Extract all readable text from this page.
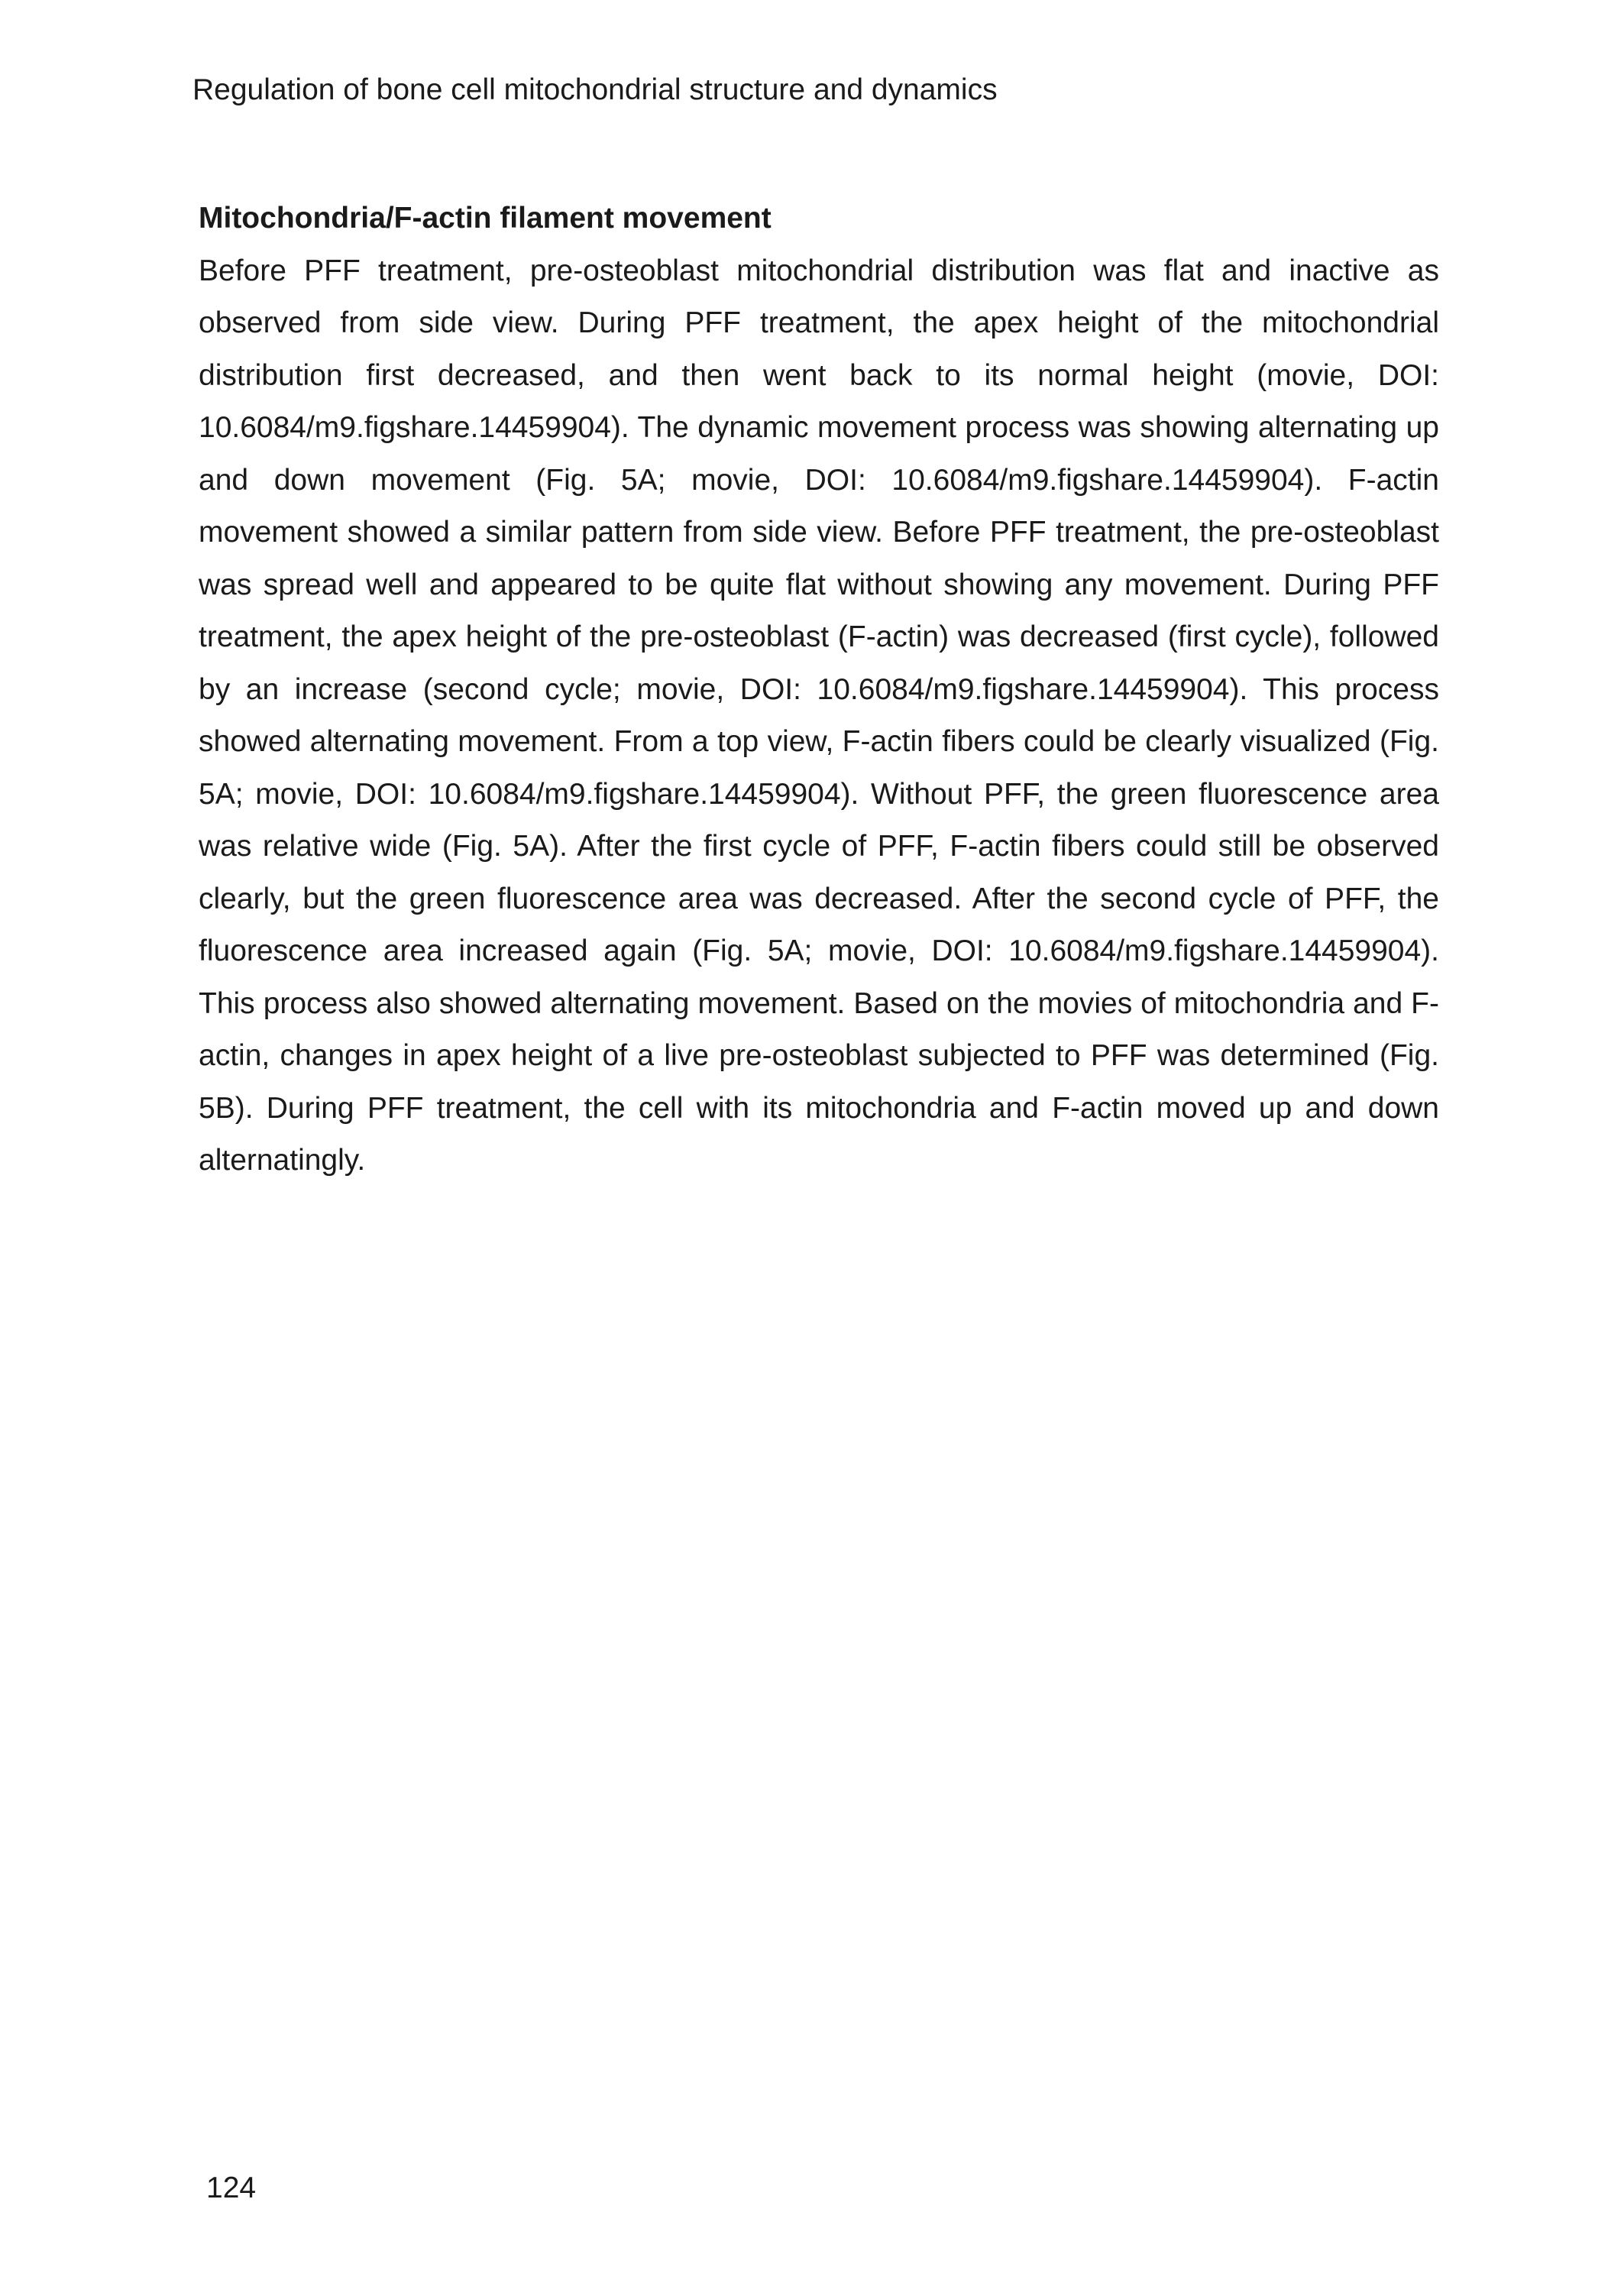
Regulation of bone cell mitochondrial structure and dynamics
Mitochondria/F-actin filament movement

Before PFF treatment, pre-osteoblast mitochondrial distribution was flat and inactive as observed from side view. During PFF treatment, the apex height of the mitochondrial distribution first decreased, and then went back to its normal height (movie, DOI: 10.6084/m9.figshare.14459904). The dynamic movement process was showing alternating up and down movement (Fig. 5A; movie, DOI: 10.6084/m9.figshare.14459904). F-actin movement showed a similar pattern from side view. Before PFF treatment, the pre-osteoblast was spread well and appeared to be quite flat without showing any movement. During PFF treatment, the apex height of the pre-osteoblast (F-actin) was decreased (first cycle), followed by an increase (second cycle; movie, DOI: 10.6084/m9.figshare.14459904). This process showed alternating movement. From a top view, F-actin fibers could be clearly visualized (Fig. 5A; movie, DOI: 10.6084/m9.figshare.14459904). Without PFF, the green fluorescence area was relative wide (Fig. 5A). After the first cycle of PFF, F-actin fibers could still be observed clearly, but the green fluorescence area was decreased. After the second cycle of PFF, the fluorescence area increased again (Fig. 5A; movie, DOI: 10.6084/m9.figshare.14459904). This process also showed alternating movement. Based on the movies of mitochondria and F-actin, changes in apex height of a live pre-osteoblast subjected to PFF was determined (Fig. 5B). During PFF treatment, the cell with its mitochondria and F-actin moved up and down alternatingly.

124
